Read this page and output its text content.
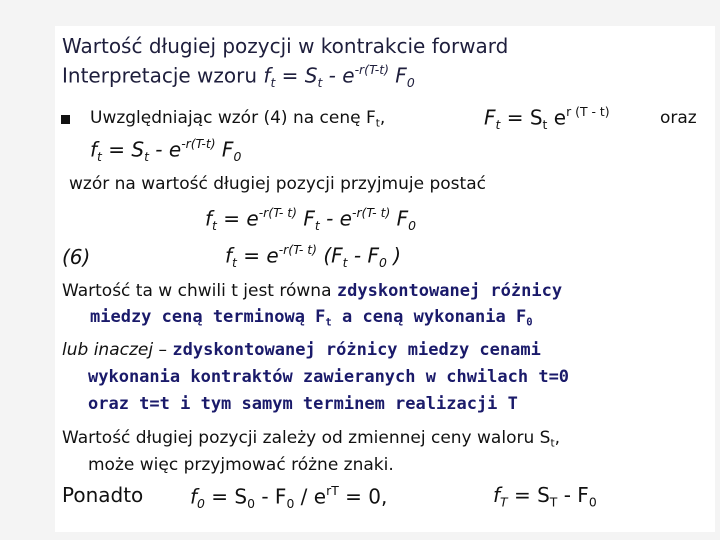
Wartość długiej pozycji w kontrakcie forward
Interpretacje wzoru $f_t = S_t - e^{-r(T-t)}$ $F_0$
Uwzględniając wzór (4) na cenę $F_t$,	$F_t = S_t$ $e^{r (T - t)}$	oraz
$f_t = S_t - e^{-r(T-t)}$ $F_0$
wzór na wartość długiej pozycji przyjmuje postać
$f_t = e^{-r(T- t)}$ $F_t - e^{-r(T- t)}$ $F_0$
(6)	$f_t = e^{-r(T- t)}$ ($F_t - F_0$ )
Wartość ta w chwili t jest równa zdyskontowanej różnicy
miedzy ceną terminową $F_t$ a ceną wykonania $F_0$
lub inaczej – zdyskontowanej różnicy miedzy cenami
wykonania kontraktów zawieranych w chwilach t=0
oraz t=t i tym samym terminem realizacji T
Wartość długiej pozycji zależy od zmiennej ceny waloru $S_t$,
może więc przyjmować różne znaki.
Ponadto $f_0 = S_0 - F_0 / e^{rT} = 0$,	$f_T = S_T - F_0$
